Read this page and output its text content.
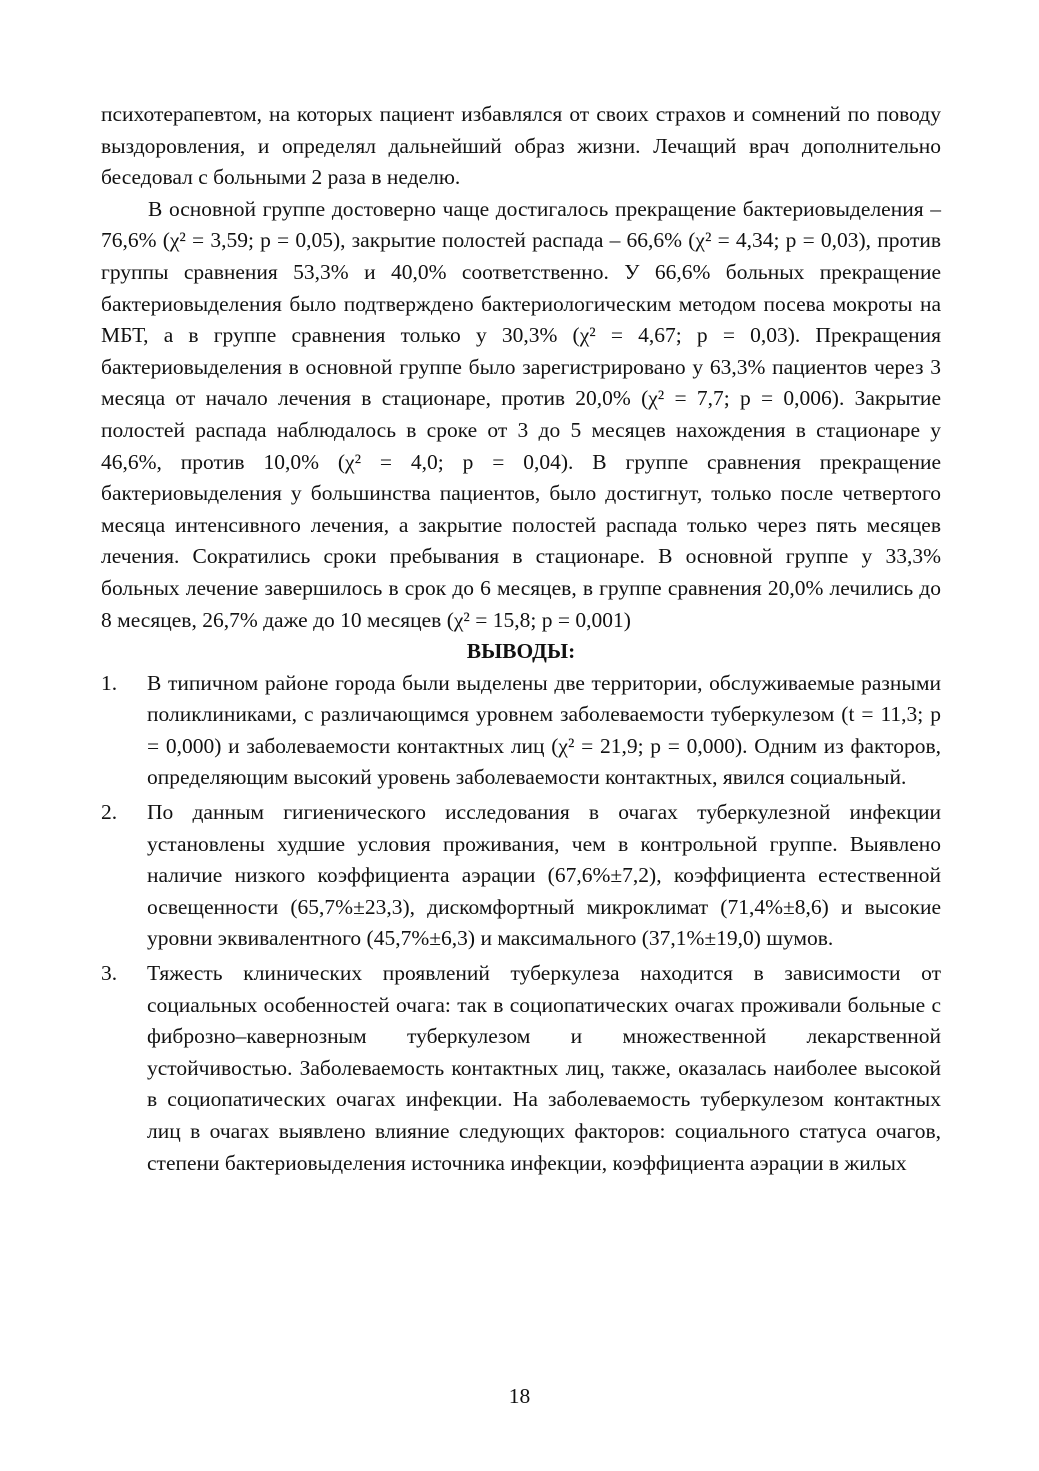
психотерапевтом, на которых пациент избавлялся от своих страхов и сомнений по поводу выздоровления, и определял дальнейший образ жизни. Лечащий врач дополнительно беседовал с больными 2 раза в неделю.

В основной группе достоверно чаще достигалось прекращение бактериовыделения – 76,6% (χ² = 3,59; p = 0,05), закрытие полостей распада – 66,6% (χ² = 4,34; p = 0,03), против группы сравнения 53,3% и 40,0% соответственно. У 66,6% больных прекращение бактериовыделения было подтверждено бактериологическим методом посева мокроты на МБТ, а в группе сравнения только у 30,3% (χ² = 4,67; p = 0,03). Прекращения бактериовыделения в основной группе было зарегистрировано у 63,3% пациентов через 3 месяца от начало лечения в стационаре, против 20,0% (χ² = 7,7; p = 0,006). Закрытие полостей распада наблюдалось в сроке от 3 до 5 месяцев нахождения в стационаре у 46,6%, против 10,0% (χ² = 4,0; p = 0,04). В группе сравнения прекращение бактериовыделения у большинства пациентов, было достигнут, только после четвертого месяца интенсивного лечения, а закрытие полостей распада только через пять месяцев лечения. Сократились сроки пребывания в стационаре. В основной группе у 33,3% больных лечение завершилось в срок до 6 месяцев, в группе сравнения 20,0% лечились до 8 месяцев, 26,7% даже до 10 месяцев (χ² = 15,8; p = 0,001)

ВЫВОДЫ:
1. В типичном районе города были выделены две территории, обслуживаемые разными поликлиниками, с различающимся уровнем заболеваемости туберкулезом (t = 11,3; p = 0,000) и заболеваемости контактных лиц (χ² = 21,9; p = 0,000). Одним из факторов, определяющим высокий уровень заболеваемости контактных, явился социальный.
2. По данным гигиенического исследования в очагах туберкулезной инфекции установлены худшие условия проживания, чем в контрольной группе. Выявлено наличие низкого коэффициента аэрации (67,6%±7,2), коэффициента естественной освещенности (65,7%±23,3), дискомфортный микроклимат (71,4%±8,6) и высокие уровни эквивалентного (45,7%±6,3) и максимального (37,1%±19,0) шумов.
3. Тяжесть клинических проявлений туберкулеза находится в зависимости от социальных особенностей очага: так в социопатических очагах проживали больные с фиброзно–кавернозным туберкулезом и множественной лекарственной устойчивостью. Заболеваемость контактных лиц, также, оказалась наиболее высокой в социопатических очагах инфекции. На заболеваемость туберкулезом контактных лиц в очагах выявлено влияние следующих факторов: социального статуса очагов, степени бактериовыделения источника инфекции, коэффициента аэрации в жилых
18
